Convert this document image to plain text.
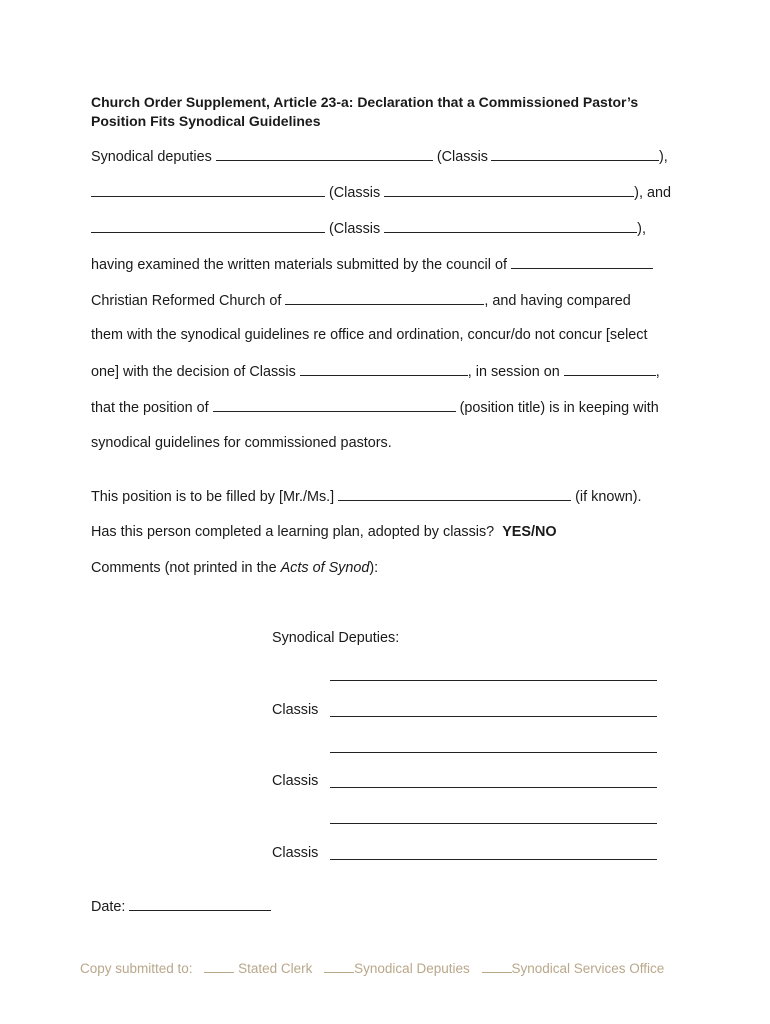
Church Order Supplement, Article 23-a: Declaration that a Commissioned Pastor’s Position Fits Synodical Guidelines
Synodical deputies	(Classis	),
(Classis	), and
(Classis	),
having examined the written materials submitted by the council of
Christian Reformed Church of	, and having compared
them with the synodical guidelines re office and ordination, concur/do not concur [select
one] with the decision of Classis	, in session on	,
that the position of	(position title) is in keeping with
synodical guidelines for commissioned pastors.
This position is to be filled by [Mr./Ms.]	(if known).
Has this person completed a learning plan, adopted by classis? YES/NO
Comments (not printed in the Acts of Synod):
Synodical Deputies:
Classis
Classis
Classis
Date:
Copy submitted to:	Stated Clerk	Synodical Deputies	Synodical Services Office
